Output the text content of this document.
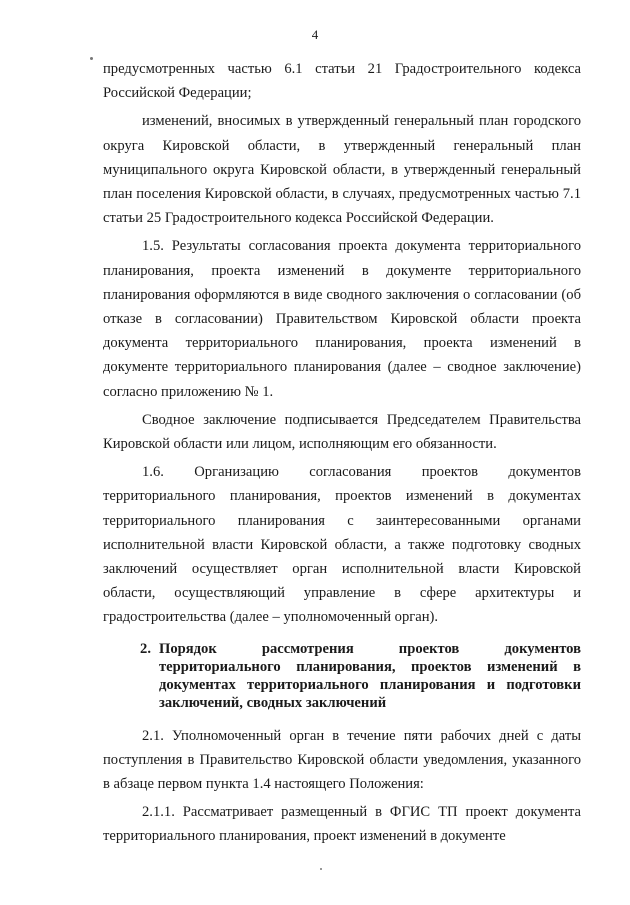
4

предусмотренных частью 6.1 статьи 21 Градостроительного кодекса Российской Федерации;

изменений, вносимых в утвержденный генеральный план городского округа Кировской области, в утвержденный генеральный план муниципального округа Кировской области, в утвержденный генеральный план поселения Кировской области, в случаях, предусмотренных частью 7.1 статьи 25 Градостроительного кодекса Российской Федерации.

1.5. Результаты согласования проекта документа территориального планирования, проекта изменений в документе территориального планирования оформляются в виде сводного заключения о согласовании (об отказе в согласовании) Правительством Кировской области проекта документа территориального планирования, проекта изменений в документе территориального планирования (далее – сводное заключение) согласно приложению № 1.

Сводное заключение подписывается Председателем Правительства Кировской области или лицом, исполняющим его обязанности.

1.6. Организацию согласования проектов документов территориального планирования, проектов изменений в документах территориального планирования с заинтересованными органами исполнительной власти Кировской области, а также подготовку сводных заключений осуществляет орган исполнительной власти Кировской области, осуществляющий управление в сфере архитектуры и градостроительства (далее – уполномоченный орган).

2. Порядок рассмотрения проектов документов территориального планирования, проектов изменений в документах территориального планирования и подготовки заключений, сводных заключений

2.1. Уполномоченный орган в течение пяти рабочих дней с даты поступления в Правительство Кировской области уведомления, указанного в абзаце первом пункта 1.4 настоящего Положения:

2.1.1. Рассматривает размещенный в ФГИС ТП проект документа территориального планирования, проект изменений в документе
